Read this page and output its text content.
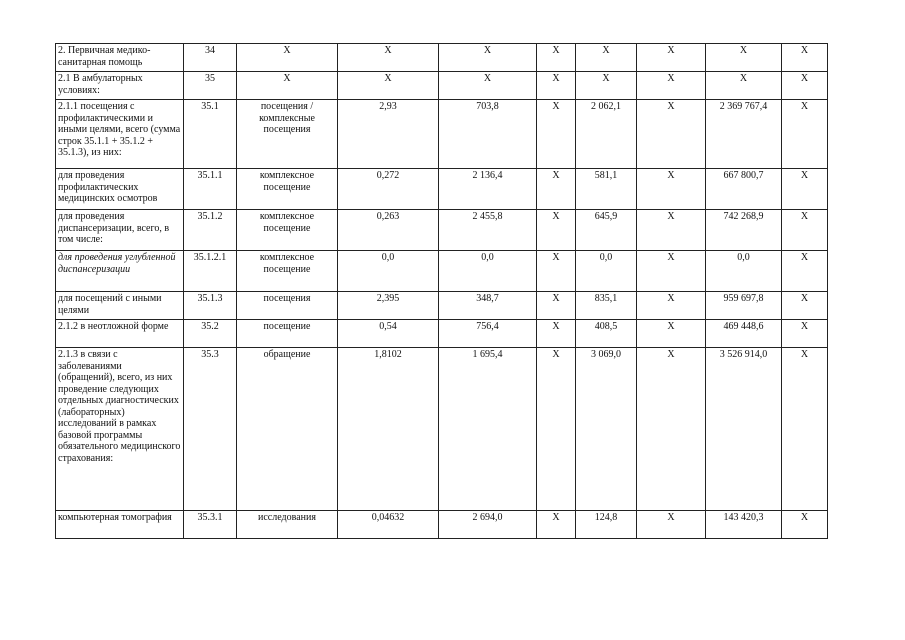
2. Первичная медико-санитарная помощь	34	Х	Х	Х	Х	Х	Х	Х	Х
2.1 В амбулаторных условиях:	35	Х	Х	Х	Х	Х	Х	Х	Х
2.1.1 посещения с профилактическими и иными целями, всего (сумма строк 35.1.1 + 35.1.2 + 35.1.3), из них:	35.1	посещения / комплексные посещения	2,93	703,8	Х	2 062,1	Х	2 369 767,4	Х
для проведения профилактических медицинских осмотров	35.1.1	комплексное посещение	0,272	2 136,4	Х	581,1	Х	667 800,7	Х
для проведения диспансеризации, всего, в том числе:	35.1.2	комплексное посещение	0,263	2 455,8	Х	645,9	Х	742 268,9	Х
для проведения углубленной диспансеризации	35.1.2.1	комплексное посещение	0,0	0,0	Х	0,0	Х	0,0	Х
для посещений с иными целями	35.1.3	посещения	2,395	348,7	Х	835,1	Х	959 697,8	Х
2.1.2 в неотложной форме	35.2	посещение	0,54	756,4	Х	408,5	Х	469 448,6	Х
2.1.3 в связи с заболеваниями (обращений), всего, из них проведение следующих отдельных диагностических (лабораторных) исследований в рамках базовой программы обязательного медицинского страхования:	35.3	обращение	1,8102	1 695,4	Х	3 069,0	Х	3 526 914,0	Х
компьютерная томография	35.3.1	исследования	0,04632	2 694,0	Х	124,8	Х	143 420,3	Х
